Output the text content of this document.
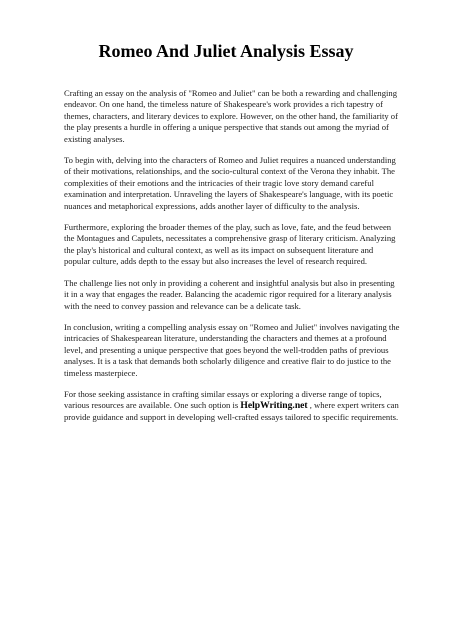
Romeo And Juliet Analysis Essay

Crafting an essay on the analysis of "Romeo and Juliet" can be both a rewarding and challenging endeavor. On one hand, the timeless nature of Shakespeare's work provides a rich tapestry of themes, characters, and literary devices to explore. However, on the other hand, the familiarity of the play presents a hurdle in offering a unique perspective that stands out among the myriad of existing analyses.

To begin with, delving into the characters of Romeo and Juliet requires a nuanced understanding of their motivations, relationships, and the socio-cultural context of the Verona they inhabit. The complexities of their emotions and the intricacies of their tragic love story demand careful examination and interpretation. Unraveling the layers of Shakespeare's language, with its poetic nuances and metaphorical expressions, adds another layer of difficulty to the analysis.

Furthermore, exploring the broader themes of the play, such as love, fate, and the feud between the Montagues and Capulets, necessitates a comprehensive grasp of literary criticism. Analyzing the play's historical and cultural context, as well as its impact on subsequent literature and popular culture, adds depth to the essay but also increases the level of research required.

The challenge lies not only in providing a coherent and insightful analysis but also in presenting it in a way that engages the reader. Balancing the academic rigor required for a literary analysis with the need to convey passion and relevance can be a delicate task.

In conclusion, writing a compelling analysis essay on "Romeo and Juliet" involves navigating the intricacies of Shakespearean literature, understanding the characters and themes at a profound level, and presenting a unique perspective that goes beyond the well-trodden paths of previous analyses. It is a task that demands both scholarly diligence and creative flair to do justice to the timeless masterpiece.

For those seeking assistance in crafting similar essays or exploring a diverse range of topics, various resources are available. One such option is HelpWriting.net , where expert writers can provide guidance and support in developing well-crafted essays tailored to specific requirements.
